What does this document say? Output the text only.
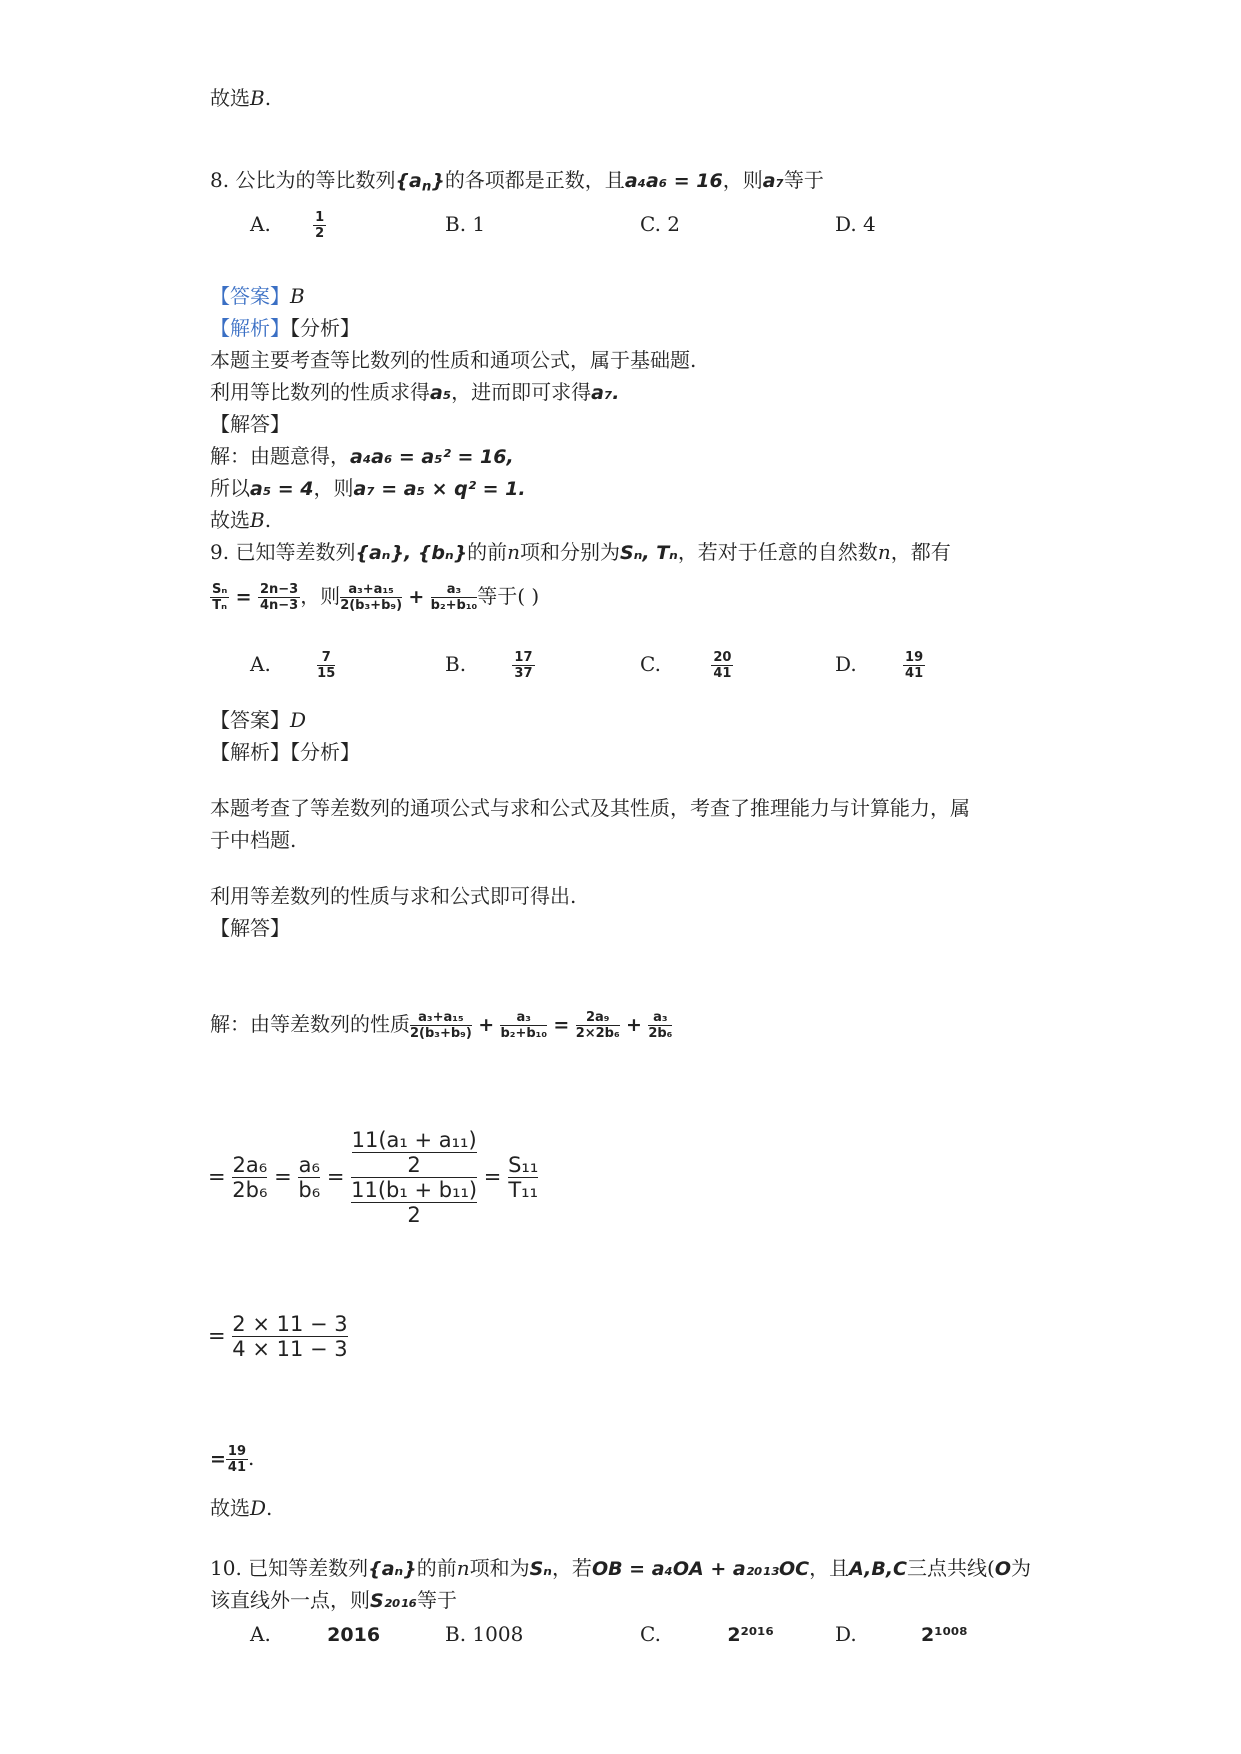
故选B.
8. 公比为的等比数列$\{a_n\}$的各项都是正数，且a₄a₆ = 16，则a₇等于
A.	$\frac{1}{2}$	B. 1	C. 2	D. 4
【答案】B
【解析】【分析】
本题主要考查等比数列的性质和通项公式，属于基础题.
利用等比数列的性质求得a₅，进而即可求得a₇.
【解答】
解：由题意得，a₄a₆ = a₅² = 16,
所以a₅ = 4，则a₇ = a₅ × q² = 1.
故选B.
9. 已知等差数列{aₙ}, {bₙ}的前n项和分别为Sₙ, Tₙ，若对于任意的自然数n，都有
$\frac{\text{Sₙ}}{\text{Tₙ}} = \frac{2n-3}{4n-3}$ ，则 $\frac{\text{a₃+a₁₅}}{\text{2(b₃+b₉)}} + \frac{\text{a₃}}{\text{b₂+b₁₀}}$ 等于( )
A.	$\frac{7}{15}$	B.	$\frac{17}{37}$	C.	$\frac{20}{41}$	D.	$\frac{19}{41}$
【答案】D
【解析】【分析】
本题考查了等差数列的通项公式与求和公式及其性质，考查了推理能力与计算能力，属
于中档题.
利用等差数列的性质与求和公式即可得出.
【解答】
解：由等差数列的性质 $\frac{\text{a₃+a₁₅}}{\text{2(b₃+b₉)}} + \frac{\text{a₃}}{\text{b₂+b₁₀}} = \frac{\text{2a₉}}{\text{2×2b₆}} + \frac{\text{a₃}}{\text{2b₆}}$
= $\frac{\text{2a₆}}{\text{2b₆}} = \frac{\text{a₆}}{\text{b₆}} = \frac{\frac{\text{11(a₁ + a₁₁)}}{2}}{\frac{\text{11(b₁ + b₁₁)}}{2}} = \frac{\text{S₁₁}}{\text{T₁₁}}$
= $\frac{2 \times 11 - 3}{4 \times 11 - 3}$
= $\frac{19}{41}$ .
故选D.
10. 已知等差数列{aₙ}的前n项和为Sₙ，若OB = a₄OA + a₂₀₁₃OC，且A,B,C三点共线(O为
该直线外一点，则S₂₀₁₆等于
A.	2016	B. 1008	C.	2²⁰¹⁶	D.	2¹⁰⁰⁸
